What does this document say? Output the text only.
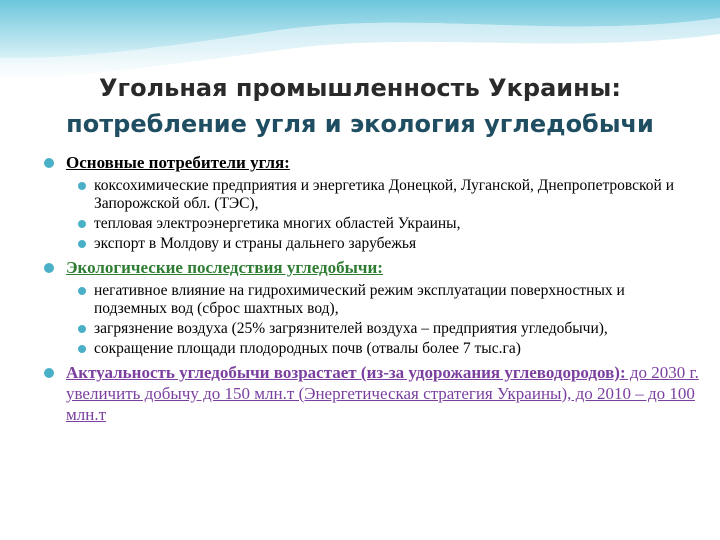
Угольная промышленность Украины:
потребление угля и экология угледобычи
Основные потребители угля:
коксохимические предприятия и энергетика Донецкой, Луганской, Днепропетровской и Запорожской обл. (ТЭС),
тепловая электроэнергетика многих областей Украины,
экспорт в Молдову и страны дальнего зарубежья
Экологические последствия угледобычи:
негативное влияние на гидрохимический режим эксплуатации поверхностных и подземных вод (сброс шахтных вод),
загрязнение воздуха (25% загрязнителей воздуха – предприятия угледобычи),
сокращение площади плодородных почв (отвалы более 7 тыс.га)
Актуальность угледобычи возрастает (из-за удорожания углеводородов): до 2030 г. увеличить добычу до 150 млн.т (Энергетическая стратегия Украины), до 2010 – до 100 млн.т
